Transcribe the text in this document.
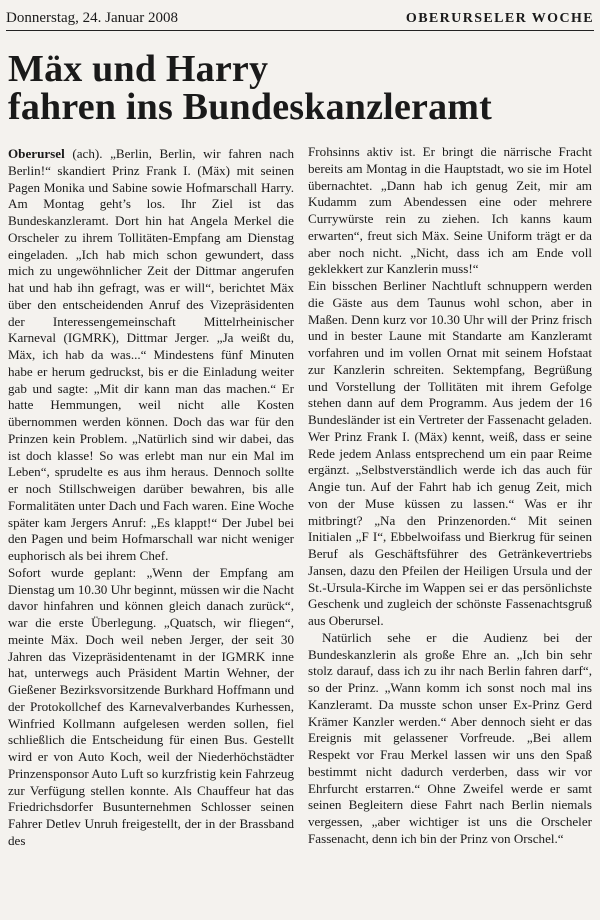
Donnerstag, 24. Januar 2008	OBERURSELER WOCHE
Mäx und Harry
fahren ins Bundeskanzleramt

Oberursel (ach). „Berlin, Berlin, wir fahren nach Berlin!“ skandiert Prinz Frank I. (Mäx) mit seinen Pagen Monika und Sabine sowie Hofmarschall Harry. Am Montag geht’s los. Ihr Ziel ist das Bundeskanzleramt. Dort hin hat Angela Merkel die Orscheler zu ihrem Tollitäten-Empfang am Dienstag eingeladen. „Ich hab mich schon gewundert, dass mich zu ungewöhnlicher Zeit der Dittmar angerufen hat und hab ihn gefragt, was er will“, berichtet Mäx über den entscheidenden Anruf des Vizepräsidenten der Interessengemeinschaft Mittelrheinischer Karneval (IGMRK), Dittmar Jerger. „Ja weißt du, Mäx, ich hab da was...“ Mindestens fünf Minuten habe er herum gedruckst, bis er die Einladung weiter gab und sagte: „Mit dir kann man das machen.“ Er hatte Hemmungen, weil nicht alle Kosten übernommen werden können. Doch das war für den Prinzen kein Problem. „Natürlich sind wir dabei, das ist doch klasse! So was erlebt man nur ein Mal im Leben“, sprudelte es aus ihm heraus. Dennoch sollte er noch Stillschweigen darüber bewahren, bis alle Formalitäten unter Dach und Fach waren. Eine Woche später kam Jergers Anruf: „Es klappt!“ Der Jubel bei den Pagen und beim Hofmarschall war nicht weniger euphorisch als bei ihrem Chef.

Sofort wurde geplant: „Wenn der Empfang am Dienstag um 10.30 Uhr beginnt, müssen wir die Nacht davor hinfahren und können gleich danach zurück“, war die erste Überlegung. „Quatsch, wir fliegen“, meinte Mäx. Doch weil neben Jerger, der seit 30 Jahren das Vizepräsidentenamt in der IGMRK inne hat, unterwegs auch Präsident Martin Wehner, der Gießener Bezirksvorsitzende Burkhard Hoffmann und der Protokollchef des Karnevalverbandes Kurhessen, Winfried Kollmann aufgelesen werden sollen, fiel schließlich die Entscheidung für einen Bus. Gestellt wird er von Auto Koch, weil der Niederhöchstädter Prinzensponsor Auto Luft so kurzfristig kein Fahrzeug zur Verfügung stellen konnte. Als Chauffeur hat das Friedrichsdorfer Busunternehmen Schlosser seinen Fahrer Detlev Unruh freigestellt, der in der Brassband des

Frohsinns aktiv ist. Er bringt die närrische Fracht bereits am Montag in die Hauptstadt, wo sie im Hotel übernachtet. „Dann hab ich genug Zeit, mir am Kudamm zum Abendessen eine oder mehrere Currywürste rein zu ziehen. Ich kanns kaum erwarten“, freut sich Mäx. Seine Uniform trägt er da aber noch nicht. „Nicht, dass ich am Ende voll geklekkert zur Kanzlerin muss!“

Ein bisschen Berliner Nachtluft schnuppern werden die Gäste aus dem Taunus wohl schon, aber in Maßen. Denn kurz vor 10.30 Uhr will der Prinz frisch und in bester Laune mit Standarte am Kanzleramt vorfahren und im vollen Ornat mit seinem Hofstaat zur Kanzlerin schreiten. Sektempfang, Begrüßung und Vorstellung der Tollitäten mit ihrem Gefolge stehen dann auf dem Programm. Aus jedem der 16 Bundesländer ist ein Vertreter der Fassenacht geladen. Wer Prinz Frank I. (Mäx) kennt, weiß, dass er seine Rede jedem Anlass entsprechend um ein paar Reime ergänzt. „Selbstverständlich werde ich das auch für Angie tun. Auf der Fahrt hab ich genug Zeit, mich von der Muse küssen zu lassen.“ Was er ihr mitbringt? „Na den Prinzenorden.“ Mit seinen Initialen „F I“, Ebbelwoifass und Bierkrug für seinen Beruf als Geschäftsführer des Getränkevertriebs Jansen, dazu den Pfeilen der Heiligen Ursula und der St.-Ursula-Kirche im Wappen sei er das persönlichste Geschenk und zugleich der schönste Fassenachtsgruß aus Oberursel.

Natürlich sehe er die Audienz bei der Bundeskanzlerin als große Ehre an. „Ich bin sehr stolz darauf, dass ich zu ihr nach Berlin fahren darf“, so der Prinz. „Wann komm ich sonst noch mal ins Kanzleramt. Da musste schon unser Ex-Prinz Gerd Krämer Kanzler werden.“ Aber dennoch sieht er das Ereignis mit gelassener Vorfreude. „Bei allem Respekt vor Frau Merkel lassen wir uns den Spaß bestimmt nicht dadurch verderben, dass wir vor Ehrfurcht erstarren.“ Ohne Zweifel werde er samt seinen Begleitern diese Fahrt nach Berlin niemals vergessen, „aber wichtiger ist uns die Orscheler Fassenacht, denn ich bin der Prinz von Orschel.“
